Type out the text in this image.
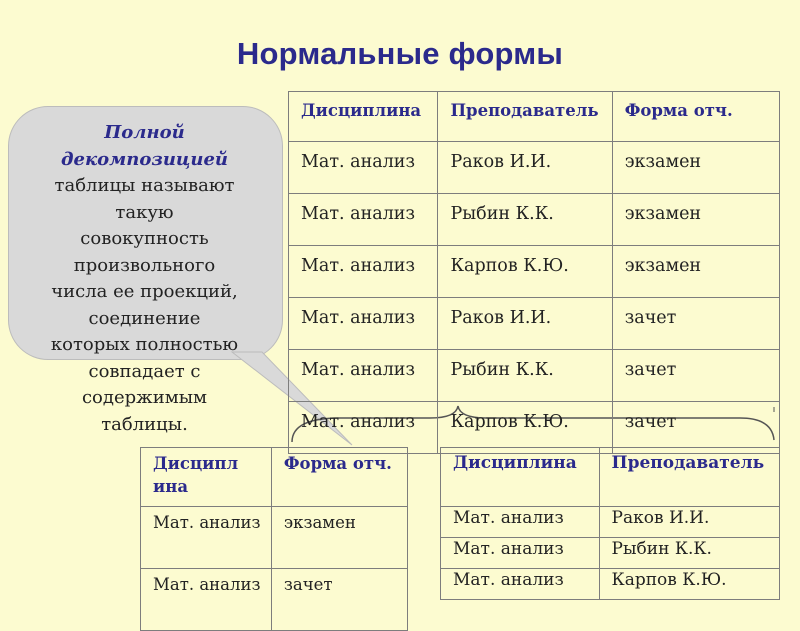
Нормальные формы
Полной
декомпозицией
таблицы называют
такую
совокупность
произвольного
числа ее проекций,
соединение
которых полностью
совпадает с
содержимым
таблицы.
Дисциплина	Преподаватель	Форма отч.

Мат. анализ	Раков И.И.	экзамен

Мат. анализ	Рыбин К.К.	экзамен

Мат. анализ	Карпов К.Ю.	экзамен

Мат. анализ	Раков И.И.	зачет

Мат. анализ	Рыбин К.К.	зачет

Мат. анализ	Карпов К.Ю.	зачет
Дисципл ина	Форма отч.
Мат. анализ	экзамен
Мат. анализ	зачет
Дисциплина	Преподаватель

Мат. анализ	Раков И.И.
Мат. анализ	Рыбин К.К.
Мат. анализ	Карпов К.Ю.
